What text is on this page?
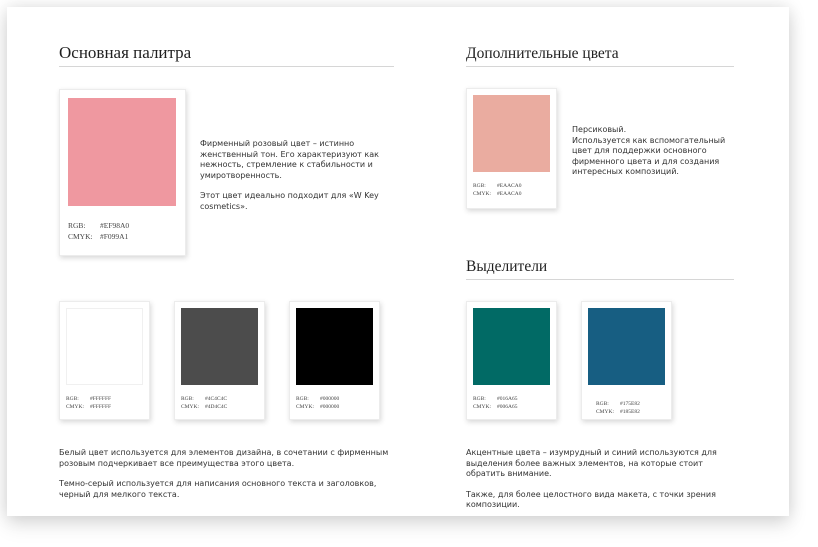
Основная палитра	Дополнительные цвета
Выделители
RGB: #EF98A0
CMYK: #F099A1

Фирменный розовый цвет – истинно женственный тон. Его характеризуют как нежность, стремление к стабильности и умиротворенность.

Этот цвет идеально подходит для «W Key cosmetics».

RGB: #EAACA0
CMYK: #EAACA0

Персиковый.

Используется как вспомогательный цвет для поддержки основного фирменного цвета и для создания интересных композиций.

RGB: #FFFFFF
CMYK: #FFFFFF
RGB: #4C4C4C
CMYK: #4D4C4C
RGB: #000000
CMYK: #000000
RGB: #016A65
CMYK: #006A65	RGB: #175E82
CMYK: #185E82

Белый цвет используется для элементов дизайна, в сочетании с фирменным розовым подчеркивает все преимущества этого цвета.

Темно-серый используется для написания основного текста и заголовков, черный для мелкого текста.

Акцентные цвета – изумрудный и синий используются для выделения более важных элементов, на которые стоит обратить внимание.

Также, для более целостного вида макета, с точки зрения композиции.
